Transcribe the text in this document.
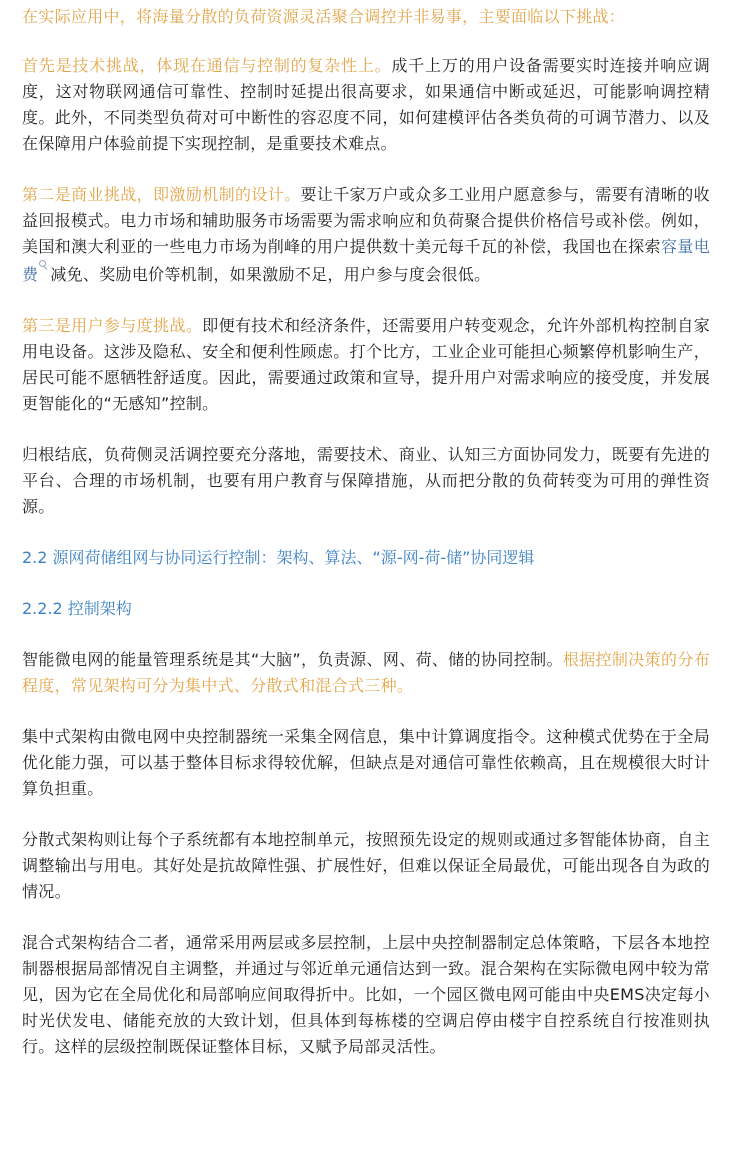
在实际应用中，将海量分散的负荷资源灵活聚合调控并非易事，主要面临以下挑战：

首先是技术挑战，体现在通信与控制的复杂性上。成千上万的用户设备需要实时连接并响应调度，这对物联网通信可靠性、控制时延提出很高要求，如果通信中断或延迟，可能影响调控精度。此外，不同类型负荷对可中断性的容忍度不同，如何建模评估各类负荷的可调节潜力、以及在保障用户体验前提下实现控制，是重要技术难点。

第二是商业挑战，即激励机制的设计。要让千家万户或众多工业用户愿意参与，需要有清晰的收益回报模式。电力市场和辅助服务市场需要为需求响应和负荷聚合提供价格信号或补偿。例如，美国和澳大利亚的一些电力市场为削峰的用户提供数十美元每千瓦的补偿，我国也在探索容量电费 减免、奖励电价等机制，如果激励不足，用户参与度会很低。

第三是用户参与度挑战。即便有技术和经济条件，还需要用户转变观念，允许外部机构控制自家用电设备。这涉及隐私、安全和便利性顾虑。打个比方，工业企业可能担心频繁停机影响生产，居民可能不愿牺牲舒适度。因此，需要通过政策和宣导，提升用户对需求响应的接受度，并发展更智能化的“无感知”控制。

归根结底，负荷侧灵活调控要充分落地，需要技术、商业、认知三方面协同发力，既要有先进的平台、合理的市场机制，也要有用户教育与保障措施，从而把分散的负荷转变为可用的弹性资源。

2.2 源网荷储组网与协同运行控制：架构、算法、“源-网-荷-储”协同逻辑
2.2.2 控制架构

智能微电网的能量管理系统是其“大脑”，负责源、网、荷、储的协同控制。根据控制决策的分布程度，常见架构可分为集中式、分散式和混合式三种。

集中式架构由微电网中央控制器统一采集全网信息，集中计算调度指令。这种模式优势在于全局优化能力强，可以基于整体目标求得较优解，但缺点是对通信可靠性依赖高，且在规模很大时计算负担重。

分散式架构则让每个子系统都有本地控制单元，按照预先设定的规则或通过多智能体协商，自主调整输出与用电。其好处是抗故障性强、扩展性好，但难以保证全局最优，可能出现各自为政的情况。

混合式架构结合二者，通常采用两层或多层控制，上层中央控制器制定总体策略，下层各本地控制器根据局部情况自主调整，并通过与邻近单元通信达到一致。混合架构在实际微电网中较为常见，因为它在全局优化和局部响应间取得折中。比如，一个园区微电网可能由中央EMS决定每小时光伏发电、储能充放的大致计划，但具体到每栋楼的空调启停由楼宇自控系统自行按准则执行。这样的层级控制既保证整体目标，又赋予局部灵活性。
